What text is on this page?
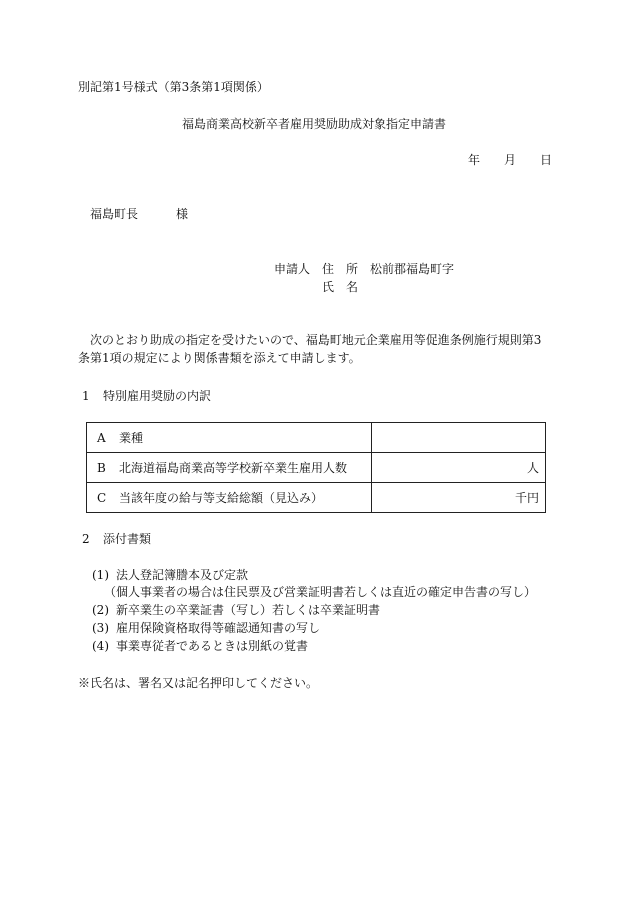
別記第1号様式（第3条第1項関係）
福島商業高校新卒者雇用奨励助成対象指定申請書
年 月 日
福島町長	様
申請人 住　所 松前郡福島町字
氏　名
次のとおり助成の指定を受けたいので、福島町地元企業雇用等促進条例施行規則第3
条第1項の規定により関係書類を添えて申請します。
1 特別雇用奨励の内訳
A 業種	
B 北海道福島商業高等学校新卒業生雇用人数	人
C 当該年度の給与等支給総額（見込み）	千円
2 添付書類
(1) 法人登記簿謄本及び定款
（個人事業者の場合は住民票及び営業証明書若しくは直近の確定申告書の写し）
(2) 新卒業生の卒業証書（写し）若しくは卒業証明書
(3) 雇用保険資格取得等確認通知書の写し
(4) 事業専従者であるときは別紙の覚書
※氏名は、署名又は記名押印してください。
